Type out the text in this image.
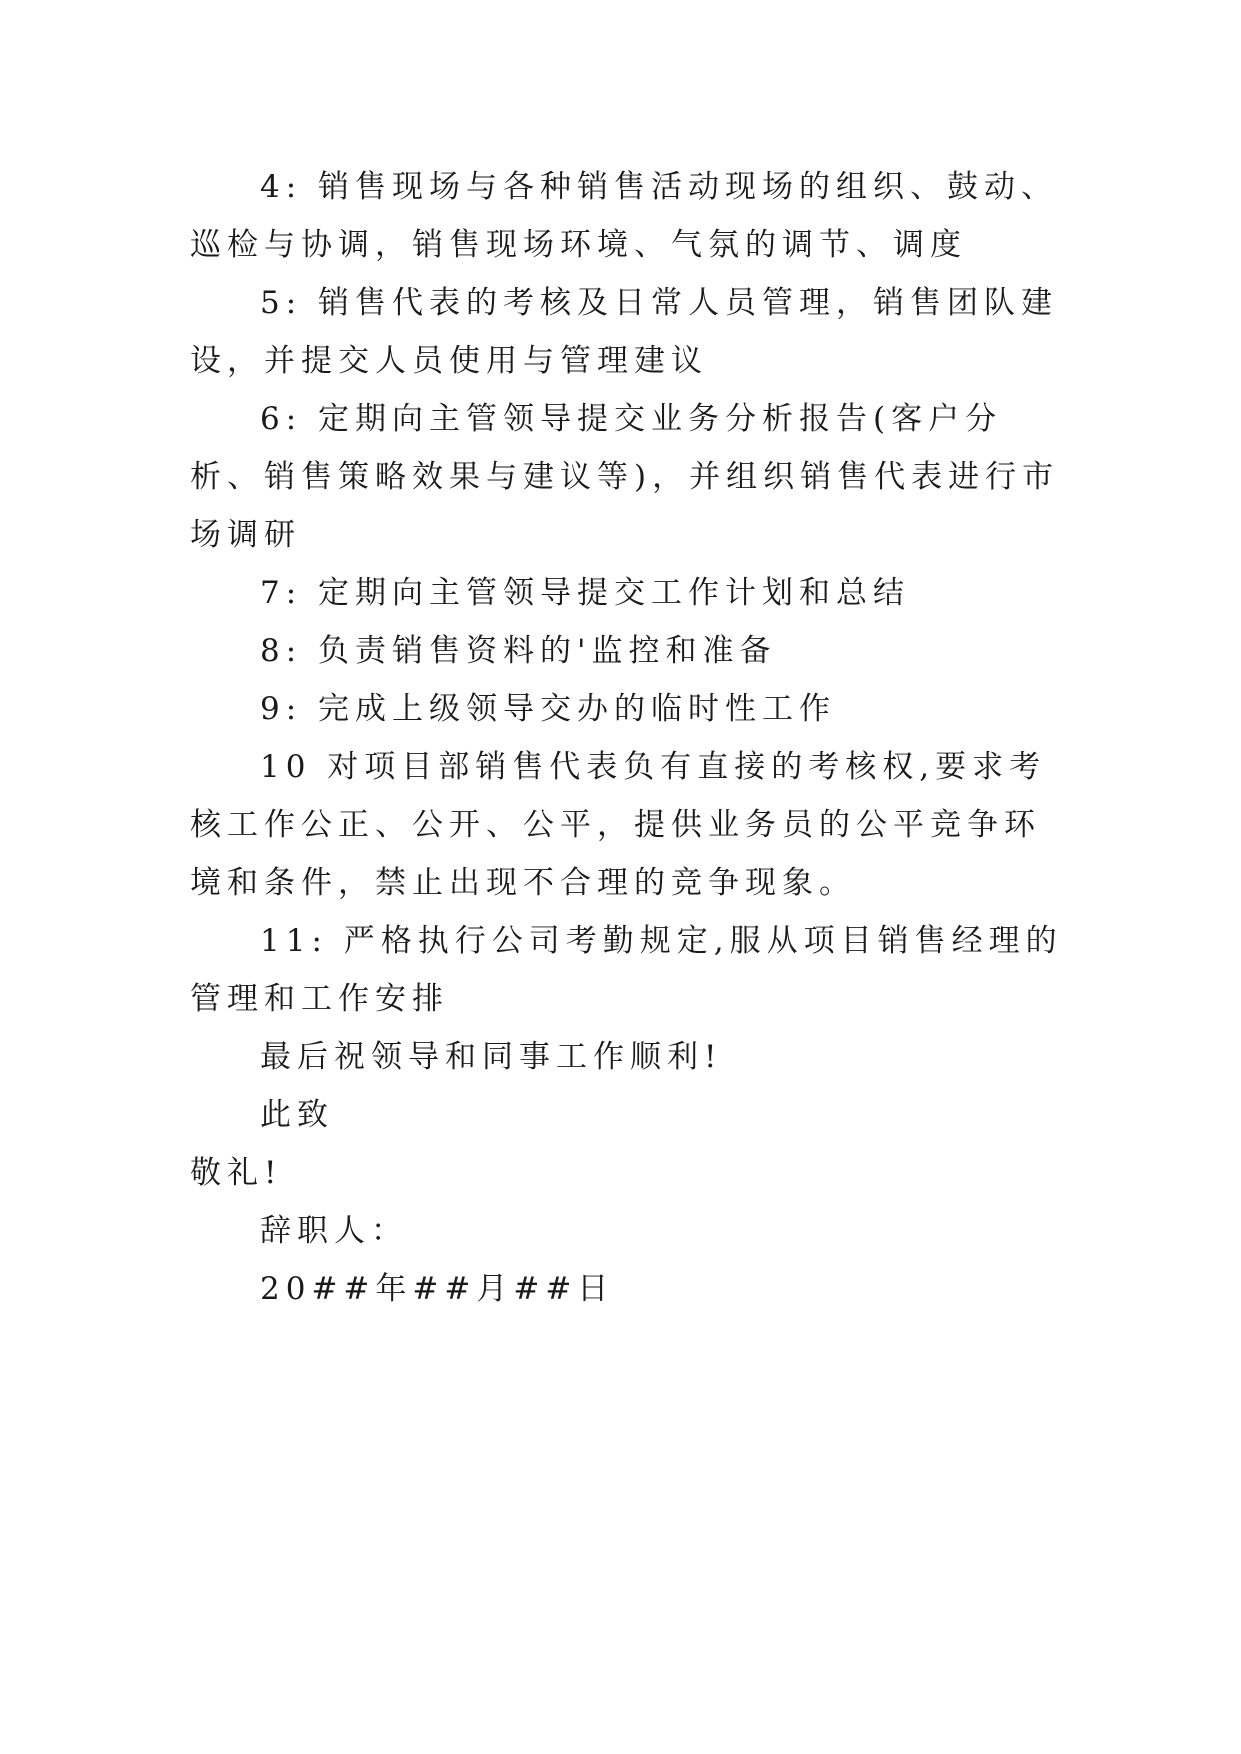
4: 销售现场与各种销售活动现场的组织、鼓动、巡检与协调，销售现场环境、气氛的调节、调度

5: 销售代表的考核及日常人员管理，销售团队建设，并提交人员使用与管理建议

6: 定期向主管领导提交业务分析报告(客户分析、销售策略效果与建议等)，并组织销售代表进行市场调研

7: 定期向主管领导提交工作计划和总结

8: 负责销售资料的'监控和准备

9: 完成上级领导交办的临时性工作

10 对项目部销售代表负有直接的考核权,要求考核工作公正、公开、公平，提供业务员的公平竞争环境和条件，禁止出现不合理的竞争现象。

11: 严格执行公司考勤规定,服从项目销售经理的管理和工作安排

最后祝领导和同事工作顺利!

此致

敬礼!

辞职人：

20##年##月##日
